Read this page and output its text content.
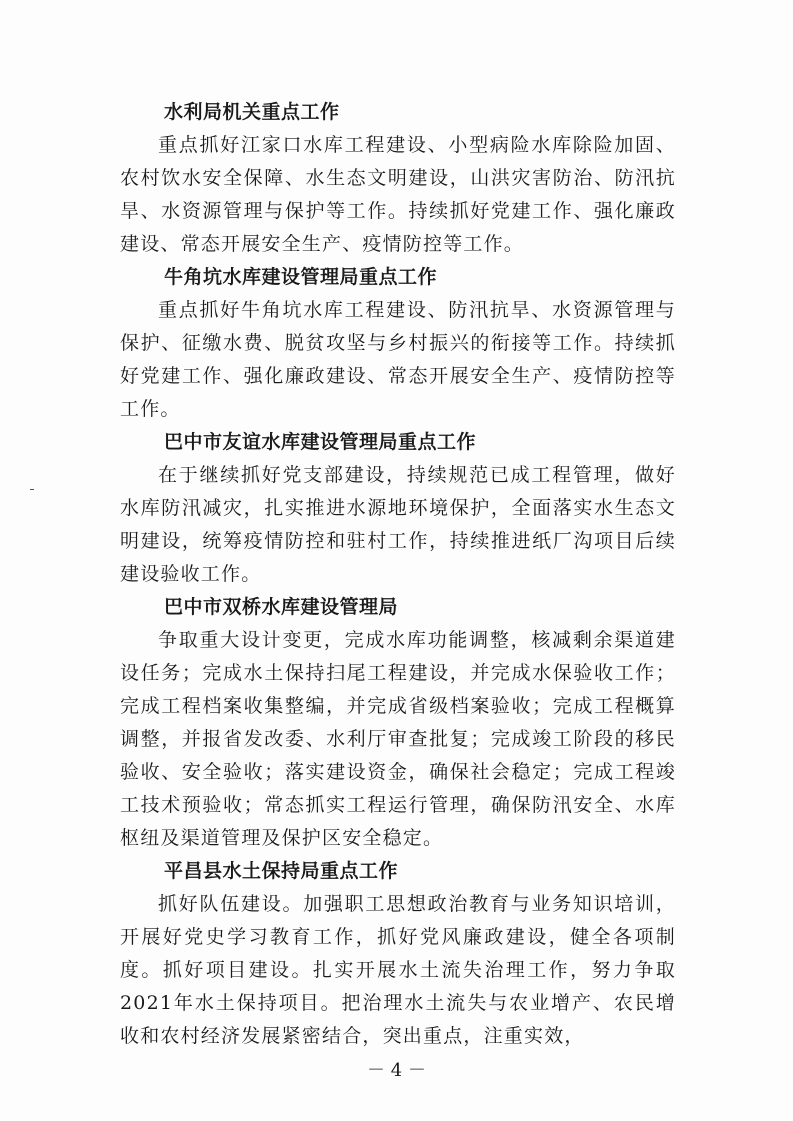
水利局机关重点工作

重点抓好江家口水库工程建设、小型病险水库除险加固、农村饮水安全保障、水生态文明建设，山洪灾害防治、防汛抗旱、水资源管理与保护等工作。持续抓好党建工作、强化廉政建设、常态开展安全生产、疫情防控等工作。

牛角坑水库建设管理局重点工作

重点抓好牛角坑水库工程建设、防汛抗旱、水资源管理与保护、征缴水费、脱贫攻坚与乡村振兴的衔接等工作。持续抓好党建工作、强化廉政建设、常态开展安全生产、疫情防控等工作。

巴中市友谊水库建设管理局重点工作

在于继续抓好党支部建设，持续规范已成工程管理，做好水库防汛减灾，扎实推进水源地环境保护，全面落实水生态文明建设，统筹疫情防控和驻村工作，持续推进纸厂沟项目后续建设验收工作。

巴中市双桥水库建设管理局

争取重大设计变更，完成水库功能调整，核减剩余渠道建设任务；完成水土保持扫尾工程建设，并完成水保验收工作；完成工程档案收集整编，并完成省级档案验收；完成工程概算调整，并报省发改委、水利厅审查批复；完成竣工阶段的移民验收、安全验收；落实建设资金，确保社会稳定；完成工程竣工技术预验收；常态抓实工程运行管理，确保防汛安全、水库枢纽及渠道管理及保护区安全稳定。

平昌县水土保持局重点工作

抓好队伍建设。加强职工思想政治教育与业务知识培训，开展好党史学习教育工作，抓好党风廉政建设，健全各项制度。抓好项目建设。扎实开展水土流失治理工作，努力争取2021年水土保持项目。把治理水土流失与农业增产、农民增收和农村经济发展紧密结合，突出重点，注重实效，

－ 4 －
